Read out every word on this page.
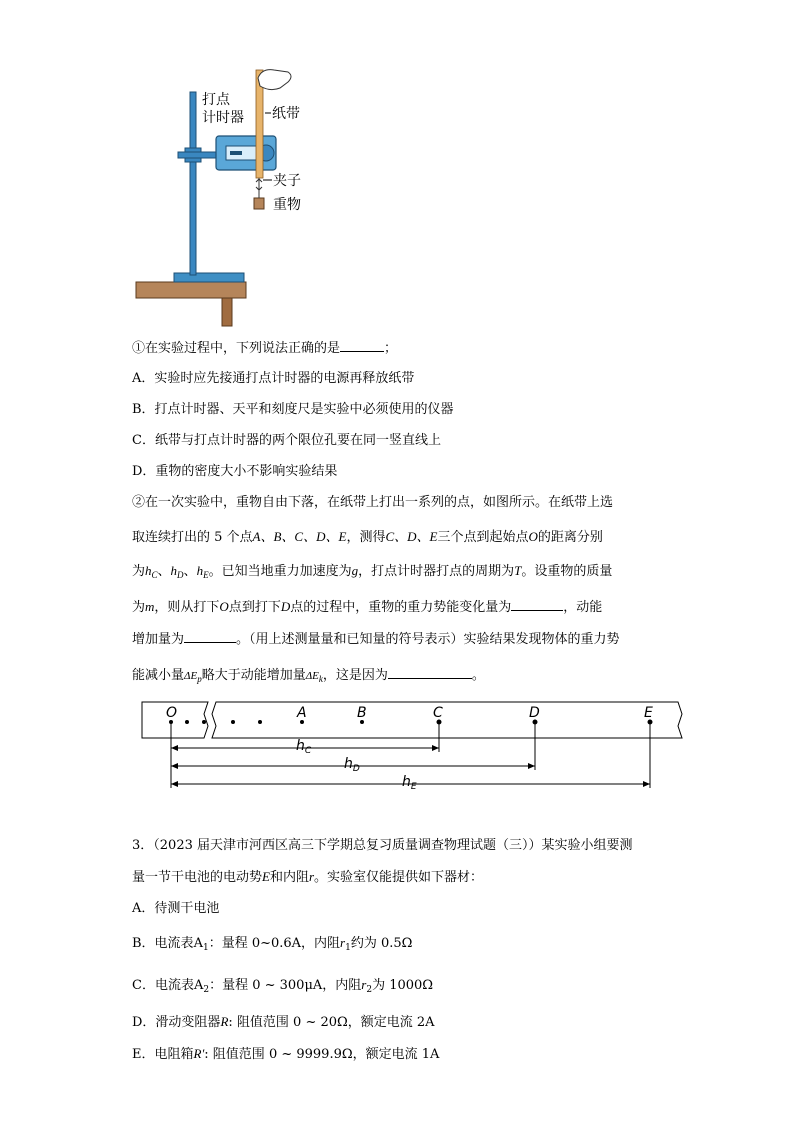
打点
计时器 纸带
夹子
重物
①在实验过程中，下列说法正确的是	；
A．实验时应先接通打点计时器的电源再释放纸带
B．打点计时器、天平和刻度尺是实验中必须使用的仪器
C．纸带与打点计时器的两个限位孔要在同一竖直线上
D．重物的密度大小不影响实验结果
②在一次实验中，重物自由下落，在纸带上打出一系列的点，如图所示。在纸带上选
取连续打出的 5 个点A、B、C、D、E，测得C、D、E三个点到起始点O的距离分别
为$h_C$、$h_D$、$h_E$。已知当地重力加速度为g，打点计时器打点的周期为T。设重物的质量
为m，则从打下O点到打下D点的过程中，重物的重力势能变化量为	，动能
增加量为	。（用上述测量量和已知量的符号表示）实验结果发现物体的重力势
能减小量$\Delta E_p$略大于动能增加量$\Delta E_k$，这是因为	。
O	A	B	C	D	E
$h_C$
$h_D$
$h_E$
3．（2023 届天津市河西区高三下学期总复习质量调查物理试题（三））某实验小组要测
量一节干电池的电动势E和内阻r。实验室仅能提供如下器材：
A．待测干电池
B．电流表$A_1$：量程 0~0.6A，内阻$r_1$约为 0.5Ω
C．电流表$A_2$：量程 0 ~ 300μA，内阻$r_2$为 1000Ω
D．滑动变阻器R: 阻值范围 0 ~ 20Ω，额定电流 2A
E．电阻箱R′: 阻值范围 0 ~ 9999.9Ω，额定电流 1A
